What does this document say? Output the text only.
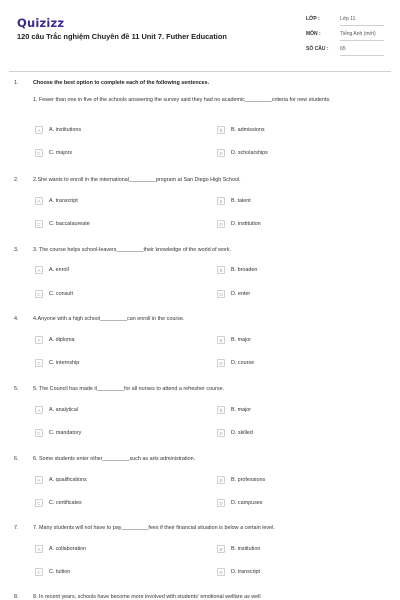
Quizizz
120 câu Trắc nghiệm Chuyên đề 11 Unit 7. Futher Education
LỚP :	Lớp 11
MÔN :	Tiếng Anh (mới)
SỐ CÂU : 65
1.	Choose the best option to complete each of the following sentences.
1. Fewer than one in five of the schools answering the survey said they had no academic_________criteria for new students.
A	A. institutions	B	B. admissions
C	C. majors	D	D. scholarships
2.	2.She wants to enroll in the international_________program at San Diego High School.
A	A. transcript	B	B. talent
C	C. baccalaureate	D	D. institution
3.	3. The course helps school-leavers_________their knowledge of the world of work.
A	A. enroll	B	B. broaden
C	C. consult	D	D. enter
4.	4.Anyone with a high school_________can enroll in the course.
A	A. diploma	B	B. major
C	C. internship	D	D. course
5.	5. The Council has made it_________for all nurses to attend a refresher course.
A	A. analytical	B	B. major
C	C. mandatory	D	D. skilled
6.	6. Some students enter other_________such as arts administration.
A	A. qualifications	B	B. professions
C	C. certificates	D	D. campuses
7.	7. Many students will not have to pay_________fees if their financial situation is below a certain level.
A	A. collaboration	B	B. institution
C	C. tuition	D	D. transcript
8.	8. In recent years, schools have become more involved with students' emotional welfare as well
